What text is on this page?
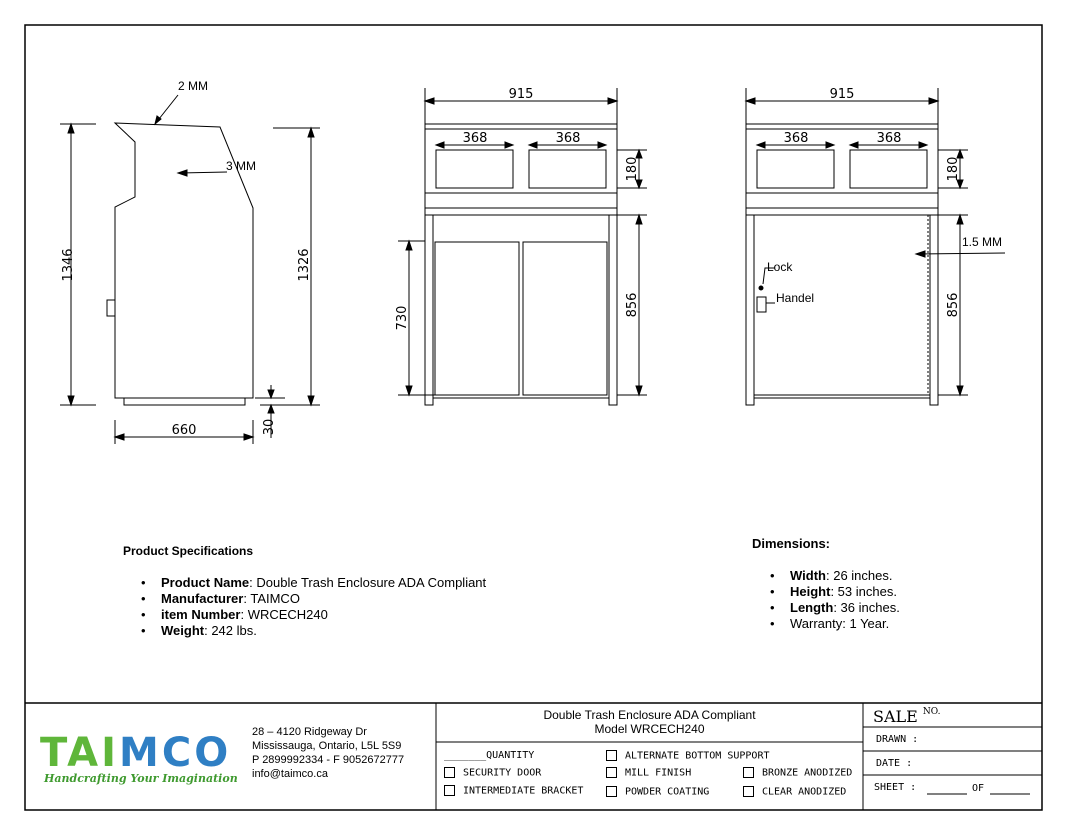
2 MM
3 MM
1346	1326
660	30
915
368	368
180
730
856
915
368	368
180
856
1.5 MM
Lock
Handel
TAIMCO
Handcrafting Your Imagination
Product Specifications
• Product Name: Double Trash Enclosure ADA Compliant
• Manufacturer: TAIMCO
• item Number: WRCECH240
• Weight: 242 lbs.
Dimensions:
• Width: 26 inches.
• Height: 53 inches.
• Length: 36 inches.
• Warranty: 1 Year.
28 – 4120 Ridgeway Dr
Mississauga, Ontario, L5L 5S9
P 2899992334 - F 9052672777
info@taimco.ca
Double Trash Enclosure ADA Compliant
Model WRCECH240
_______QUANTITY	ALTERNATE BOTTOM SUPPORT
SECURITY DOOR	MILL FINISH	BRONZE ANODIZED
INTERMEDIATE BRACKET	POWDER COATING	CLEAR ANODIZED
SALE $^{NO.}$
DRAWN :
DATE :
SHEET :	OF
